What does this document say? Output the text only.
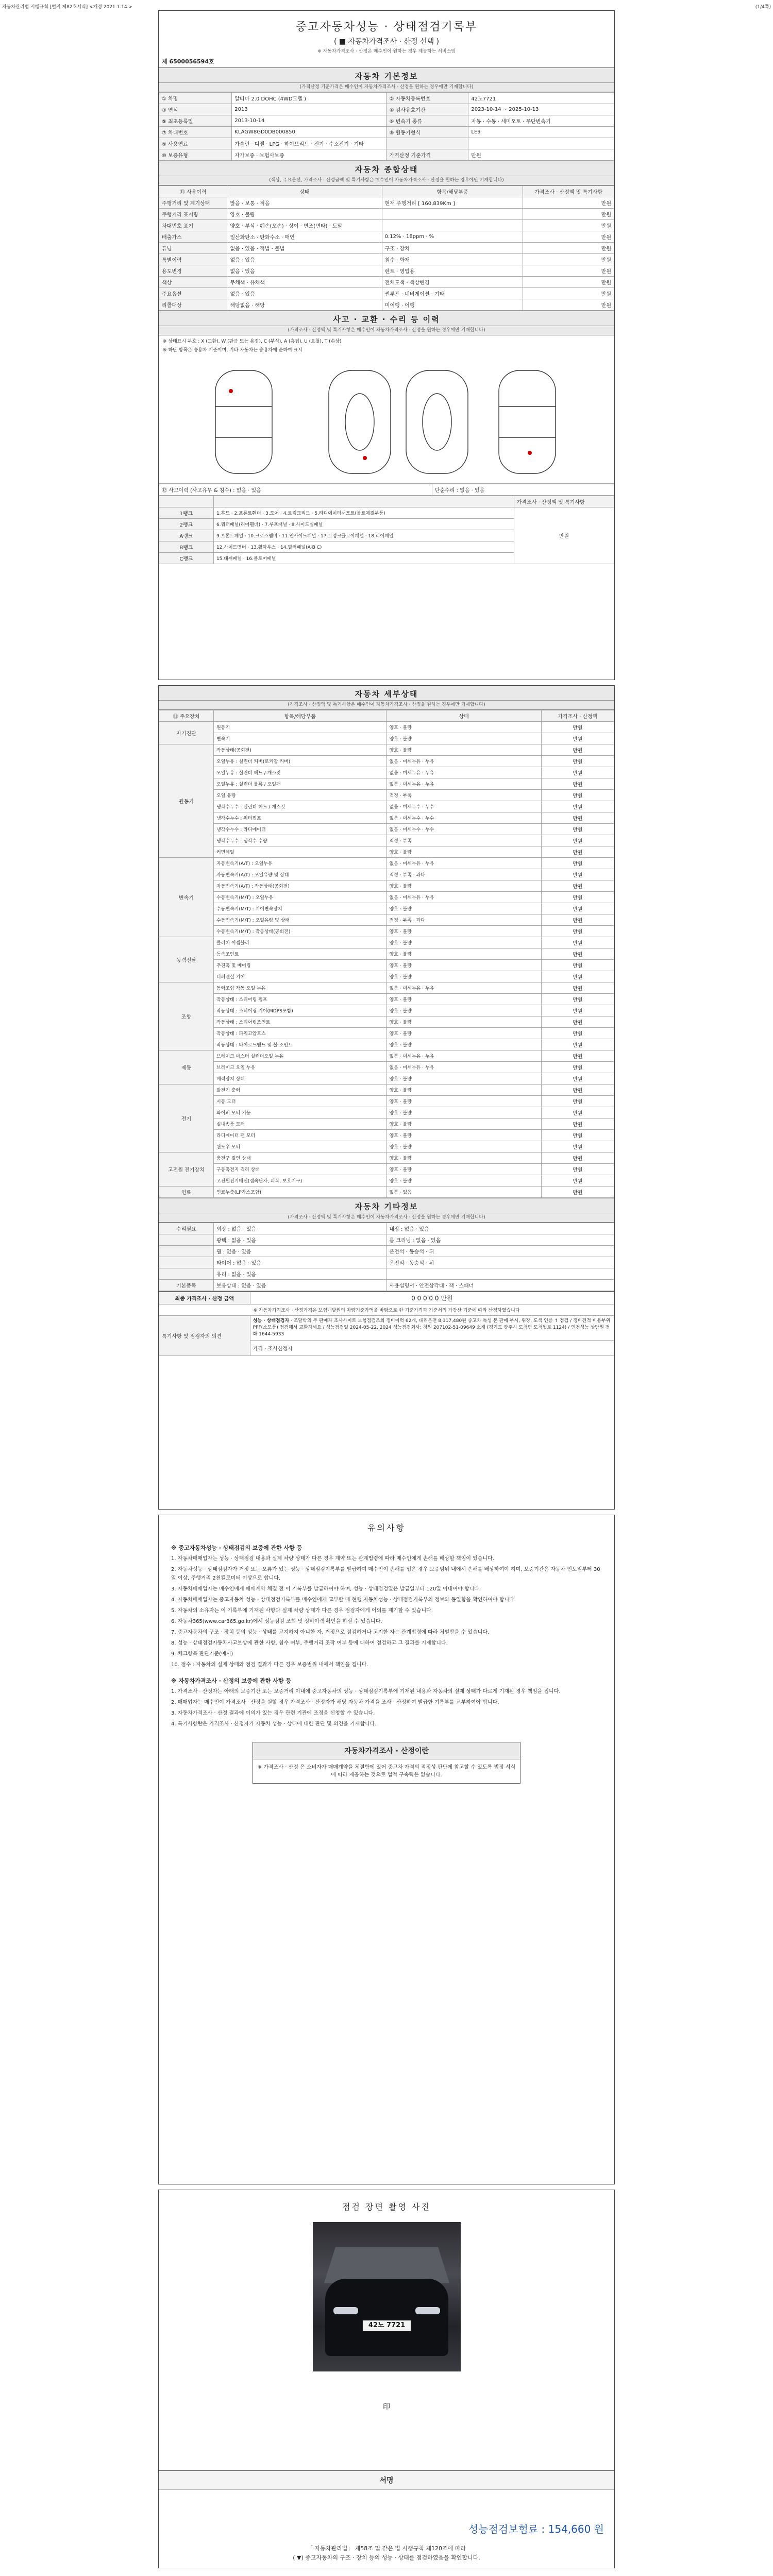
자동차관리법 시행규칙 [별지 제82호서식] <개정 2021.1.14.>	(1/4쪽)
중고자동차성능 · 상태점검기록부
( ■ 자동차가격조사 · 산정 선택 )
※ 자동차가격조사 · 산정은 매수인이 원하는 경우 제공하는 서비스임
제 6500056594호
자동차 기본정보
(가격산정 기준가격은 매수인이 자동차가격조사 · 산정을 원하는 경우에만 기재합니다)
① 차명	알티마 2.0 DOHC (4WD모델 )	② 자동차등록번호	42노7721
③ 연식	2013	④ 검사유효기간	2023-10-14 ~ 2025-10-13
⑤ 최초등록일	2013-10-14	⑥ 변속기 종류	자동 · 수동 · 세미오토 · 무단변속기
⑦ 차대번호	KLAGW8GD0DB000850	⑧ 원동기형식	LE9
⑨ 사용연료	가솔린 · 디젤 · LPG · 하이브리드 · 전기 · 수소전기 · 기타		
⑩ 보증유형	자가보증 · 보험사보증	가격산정 기준가격	만원
자동차 종합상태
(색상, 주요옵션, 가격조사 · 산정금액 및 특기사항은 매수인이 자동차가격조사 · 산정을 원하는 경우에만 기재합니다)
⑪ 사용이력	상태	항목/해당부품	가격조사 · 산정액 및 특기사항
주행거리 및 계기상태	많음 · 보통 · 적음	현재 주행거리 [ 160,839Km ]	만원
주행거리 표시량	양호 · 불량		만원
차대번호 표기	양호 · 부식 · 훼손(오손) · 상이 · 변조(변타) · 도말		만원
배출가스	일산화탄소 · 탄화수소 · 매연	0.12% · 18ppm · %	만원
튜닝	없음 · 있음 · 적법 · 불법	구조 · 장치	만원
특별이력	없음 · 있음	침수 · 화재	만원
용도변경	없음 · 있음	렌트 · 영업용	만원
색상	무채색 · 유채색	전체도색 · 색상변경	만원
주요옵션	없음 · 있음	썬루프 · 네비게이션 · 기타	만원
리콜대상	해당없음 · 해당	미이행 · 이행	만원
사고 · 교환 · 수리 등 이력
(가격조사 · 산정액 및 특기사항은 매수인이 자동차가격조사 · 산정을 원하는 경우에만 기재합니다)
※ 상태표시 부호 : X (교환), W (판금 또는 용접), C (부식), A (흠집), U (요철), T (손상)
※ 하단 항목은 승용차 기준이며, 기타 자동차는 승용차에 준하여 표시
⑫ 사고이력 (사고유무 & 침수) : 없음 · 있음	단순수리 : 없음 · 있음
		가격조사 · 산정액 및 특기사항
1랭크	1.후드 · 2.프론트휀더 · 3.도어 · 4.트렁크리드 · 5.라디에이터서포트(볼트체결부품)	만원
2랭크	6.쿼터패널(리어휀더) · 7.루프패널 · 8.사이드실패널	
A랭크	9.프론트패널 · 10.크로스멤버 · 11.인사이드패널 · 17.트렁크플로어패널 · 18.리어패널	
B랭크	12.사이드멤버 · 13.휠하우스 · 14.필러패널(A·B·C)	
C랭크	15.대쉬패널 · 16.플로어패널	
자동차 세부상태
(가격조사 · 산정액 및 특기사항은 매수인이 자동차가격조사 · 산정을 원하는 경우에만 기재합니다)
⑬ 주요장치	항목/해당부품	상태	가격조사 · 산정액
자기진단	원동기	양호 · 불량	만원
	변속기	양호 · 불량	만원
원동기	작동상태(공회전)	양호 · 불량	만원
	오일누유 : 실린더 커버(로커암 커버)	없음 · 미세누유 · 누유	만원
	오일누유 : 실린더 헤드 / 개스킷	없음 · 미세누유 · 누유	만원
	오일누유 : 실린더 블록 / 오일팬	없음 · 미세누유 · 누유	만원
	오일 유량	적정 · 부족	만원
	냉각수누수 : 실린더 헤드 / 개스킷	없음 · 미세누수 · 누수	만원
	냉각수누수 : 워터펌프	없음 · 미세누수 · 누수	만원
	냉각수누수 : 라디에이터	없음 · 미세누수 · 누수	만원
	냉각수누수 : 냉각수 수량	적정 · 부족	만원
	커먼레일	양호 · 불량	만원
변속기	자동변속기(A/T) : 오일누유	없음 · 미세누유 · 누유	만원
	자동변속기(A/T) : 오일유량 및 상태	적정 · 부족 · 과다	만원
	자동변속기(A/T) : 작동상태(공회전)	양호 · 불량	만원
	수동변속기(M/T) : 오일누유	없음 · 미세누유 · 누유	만원
	수동변속기(M/T) : 기어변속장치	양호 · 불량	만원
	수동변속기(M/T) : 오일유량 및 상태	적정 · 부족 · 과다	만원
	수동변속기(M/T) : 작동상태(공회전)	양호 · 불량	만원
동력전달	클러치 어셈블리	양호 · 불량	만원
	등속조인트	양호 · 불량	만원
	추진축 및 베어링	양호 · 불량	만원
	디퍼렌셜 기어	양호 · 불량	만원
조향	동력조향 작동 오일 누유	없음 · 미세누유 · 누유	만원
	작동상태 : 스티어링 펌프	양호 · 불량	만원
	작동상태 : 스티어링 기어(MDPS포함)	양호 · 불량	만원
	작동상태 : 스티어링조인트	양호 · 불량	만원
	작동상태 : 파워고압호스	양호 · 불량	만원
	작동상태 : 타이로드엔드 및 볼 조인트	양호 · 불량	만원
제동	브레이크 마스터 실린더오일 누유	없음 · 미세누유 · 누유	만원
	브레이크 오일 누유	없음 · 미세누유 · 누유	만원
	배력장치 상태	양호 · 불량	만원
전기	발전기 출력	양호 · 불량	만원
	시동 모터	양호 · 불량	만원
	와이퍼 모터 기능	양호 · 불량	만원
	실내송풍 모터	양호 · 불량	만원
	라디에이터 팬 모터	양호 · 불량	만원
	윈도우 모터	양호 · 불량	만원
고전원 전기장치	충전구 절연 상태	양호 · 불량	만원
	구동축전지 격리 상태	양호 · 불량	만원
	고전원전기배선(접속단자, 피복, 보호기구)	양호 · 불량	만원
연료	연료누출(LP가스포함)	없음 · 있음	만원
자동차 기타정보
(가격조사 · 산정액 및 특기사항은 매수인이 자동차가격조사 · 산정을 원하는 경우에만 기재합니다)
수리필요	외장 : 없음 · 있음	내장 : 없음 · 있음
	광택 : 없음 · 있음	룸 크리닝 : 없음 · 있음
	휠 : 없음 · 있음	운전석 · 동승석 · 뒤
	타이어 : 없음 · 있음	운전석 · 동승석 · 뒤
	유리 : 없음 · 있음	
기본품목	보유상태 : 없음 · 있음	사용설명서 · 안전삼각대 · 잭 · 스패너
최종 가격조사 · 산정 금액	0 0 0 0 0 만원
※ 자동차가격조사 · 산정가격은 보험개발원의 차량기준가액을 바탕으로 한 기준가격과 기준서의 가감산 기준에 따라 산정하였습니다	
특기사항 및 점검자의 의견	성능 · 상태점검자 · 조달박의 주 판매자 조사사이트 보험점검조회 정비이력 62개, 대리운전 8,317,480원 중고차 특성 본 판매 부시, 위장, 도색 인증 ↑ 점검 / 정비견적 비용부위 PPF(소모품) 점검해서 교환하세요 / 성능점검일 2024-05-22, 2024 성능점검회사: 청원 207102-51-09649 소재 (경기도 광주시 도척면 도척윗로 1124) / 인천성능 상담원 전화 1644-5933
	가격 · 조사산정자
유의사항

※ 중고자동차성능 · 상태점검의 보증에 관한 사항 등

1. 자동차매매업자는 성능 · 상태점검 내용과 실제 차량 상태가 다른 경우 계약 또는 관계법령에 따라 매수인에게 손해를 배상할 책임이 있습니다.

2. 자동차성능 · 상태점검자가 거짓 또는 오류가 있는 성능 · 상태점검기록부를 발급하여 매수인이 손해를 입은 경우 보증범위 내에서 손해를 배상하여야 하며, 보증기간은 자동차 인도일부터 30일 이상, 주행거리 2천킬로미터 이상으로 합니다.

3. 자동차매매업자는 매수인에게 매매계약 체결 전 이 기록부를 발급하여야 하며, 성능 · 상태점검일은 발급일부터 120일 이내여야 합니다.

4. 자동차매매업자는 중고자동차 성능 · 상태점검기록부를 매수인에게 교부할 때 현행 자동차성능 · 상태점검기록부의 정보와 동일함을 확인하여야 합니다.

5. 자동차의 소유자는 이 기록부에 기재된 사항과 실제 차량 상태가 다른 경우 점검자에게 이의를 제기할 수 있습니다.

6. 자동차365(www.car365.go.kr)에서 성능점검 조회 및 정비이력 확인을 하실 수 있습니다.

7. 중고자동차의 구조 · 장치 등의 성능 · 상태를 고지하지 아니한 자, 거짓으로 점검하거나 고지한 자는 관계법령에 따라 처벌받을 수 있습니다.

8. 성능 · 상태점검자동차사고보상에 관한 사항, 침수 여부, 주행거리 조작 여부 등에 대하여 점검하고 그 결과를 기재합니다.

9. 체크항목 판단기준(예시)

10. 점수 : 자동차의 실제 상태와 점검 결과가 다른 경우 보증범위 내에서 책임을 집니다.

※ 자동차가격조사 · 산정의 보증에 관한 사항 등

1. 가격조사 · 산정자는 아래의 보증기간 또는 보증거리 이내에 중고자동차의 성능 · 상태점검기록부에 기재된 내용과 자동차의 실제 상태가 다르게 기재된 경우 책임을 집니다.

2. 매매업자는 매수인이 가격조사 · 산정을 원할 경우 가격조사 · 산정자가 해당 자동차 가격을 조사 · 산정하여 발급한 기록부를 교부하여야 합니다.

3. 자동차가격조사 · 산정 결과에 이의가 있는 경우 관련 기관에 조정을 신청할 수 있습니다.

4. 특기사항란은 가격조사 · 산정자가 자동차 성능 · 상태에 대한 판단 및 의견을 기재합니다.

자동차가격조사 · 산정이란
※ 가격조사 · 산정 은 소비자가 매매계약을 체결함에 있어 중고차 가격의 적정성 판단에 참고할 수 있도록 법정 서식에 따라 제공하는 것으로 법적 구속력은 없습니다.
점검 장면 촬영 사진
42노 7721
印
서명
성능점검보험료 : 154,660 원
「 자동차관리법」 제58조 및 같은 법 시행규칙 제120조에 따라
( ▼) 중고자동차의 구조 · 장치 등의 성능 · 상태를 점검하였음을 확인합니다.
